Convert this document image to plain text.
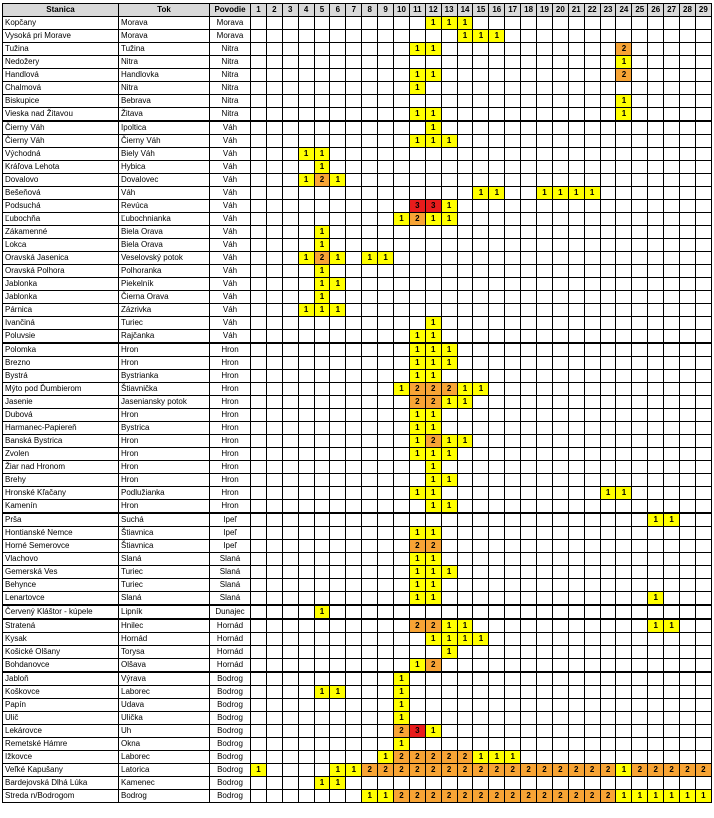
Stanica	Tok	Povodie	1	2	3	4	5	6	7	8	9	10	11	12	13	14	15	16	17	18	19	20	21	22	23	24	25	26	27	28	29
Kopčany	Morava	Morava												1	1	1															
Vysoká pri Morave	Morava	Morava														1	1	1													
Tužina	Tužina	Nitra											1	1												2					
Nedožery	Nitra	Nitra																								1					
Handlová	Handlovka	Nitra											1	1												2					
Chalmová	Nitra	Nitra											1																		
Biskupice	Bebrava	Nitra																								1					
Vieska nad Žitavou	Žitava	Nitra											1	1												1					
Čierny Váh	Ipoltica	Váh												1																	
Čierny Váh	Čierny Váh	Váh											1	1	1																
Východná	Biely Váh	Váh				1	1																								
Kráľova Lehota	Hybica	Váh					1																								
Dovalovo	Dovalovec	Váh				1	2	1																							
Bešeňová	Váh	Váh															1	1			1	1	1	1							
Podsuchá	Revúca	Váh											3	3	1																
Ľubochňa	Ľubochnianka	Váh										1	2	1	1																
Zákamenné	Biela Orava	Váh					1																								
Lokca	Biela Orava	Váh					1																								
Oravská Jasenica	Veselovský potok	Váh				1	2	1		1	1																				
Oravská Polhora	Polhoranka	Váh					1																								
Jablonka	Piekelník	Váh					1	1																							
Jablonka	Čierna Orava	Váh					1																								
Párnica	Zázrivka	Váh				1	1	1																							
Ivančiná	Turiec	Váh												1																	
Poluvsie	Rajčanka	Váh											1	1																	
Polomka	Hron	Hron											1	1	1																
Brezno	Hron	Hron											1	1	1																
Bystrá	Bystrianka	Hron											1	1																	
Mýto pod Ďumbierom	Štiavnička	Hron										1	2	2	2	1	1														
Jasenie	Jaseniansky potok	Hron											2	2	1	1															
Dubová	Hron	Hron											1	1																	
Harmanec-Papiereň	Bystrica	Hron											1	1																	
Banská Bystrica	Hron	Hron											1	2	1	1															
Zvolen	Hron	Hron											1	1	1																
Žiar nad Hronom	Hron	Hron												1																	
Brehy	Hron	Hron												1	1																
Hronské Kľačany	Podlužianka	Hron											1	1											1	1					
Kamenín	Hron	Hron												1	1																
Pršа	Suchá	Ipeľ																										1	1		
Hontianské Nemce	Štiavnica	Ipeľ											1	1																	
Horné Semerovce	Štiavnica	Ipeľ											2	2																	
Vlachovo	Slaná	Slaná											1	1																	
Gemerská Ves	Turiec	Slaná											1	1	1																
Behynce	Turiec	Slaná											1	1																	
Lenartovce	Slaná	Slaná											1	1														1			
Červený Kláštor - kúpele	Lipník	Dunajec					1																								
Stratená	Hnilec	Hornád											2	2	1	1												1	1		
Kysak	Hornád	Hornád												1	1	1	1														
Košické Olšany	Torysa	Hornád													1																
Bohdanovce	Olšava	Hornád											1	2																	
Jabloň	Výrava	Bodrog										1																			
Koškovce	Laborec	Bodrog					1	1				1																			
Papín	Udava	Bodrog										1																			
Ulič	Ulička	Bodrog										1																			
Lekárovce	Uh	Bodrog										2	3	1																	
Remetské Hámre	Okna	Bodrog										1																			
Ižkovce	Laborec	Bodrog									1	2	2	2	2	2	1	1	1												
Veľké Kapušany	Latorica	Bodrog	1					1	1	2	2	2	2	2	2	2	2	2	2	2	2	2	2	2	2	1	2	2	2	2	2
Bardejovská Dlhá Lúka	Kamenec	Bodrog					1	1																							
Streda n/Bodrogom	Bodrog	Bodrog								1	1	2	2	2	2	2	2	2	2	2	2	2	2	2	2	1	1	1	1	1	1
